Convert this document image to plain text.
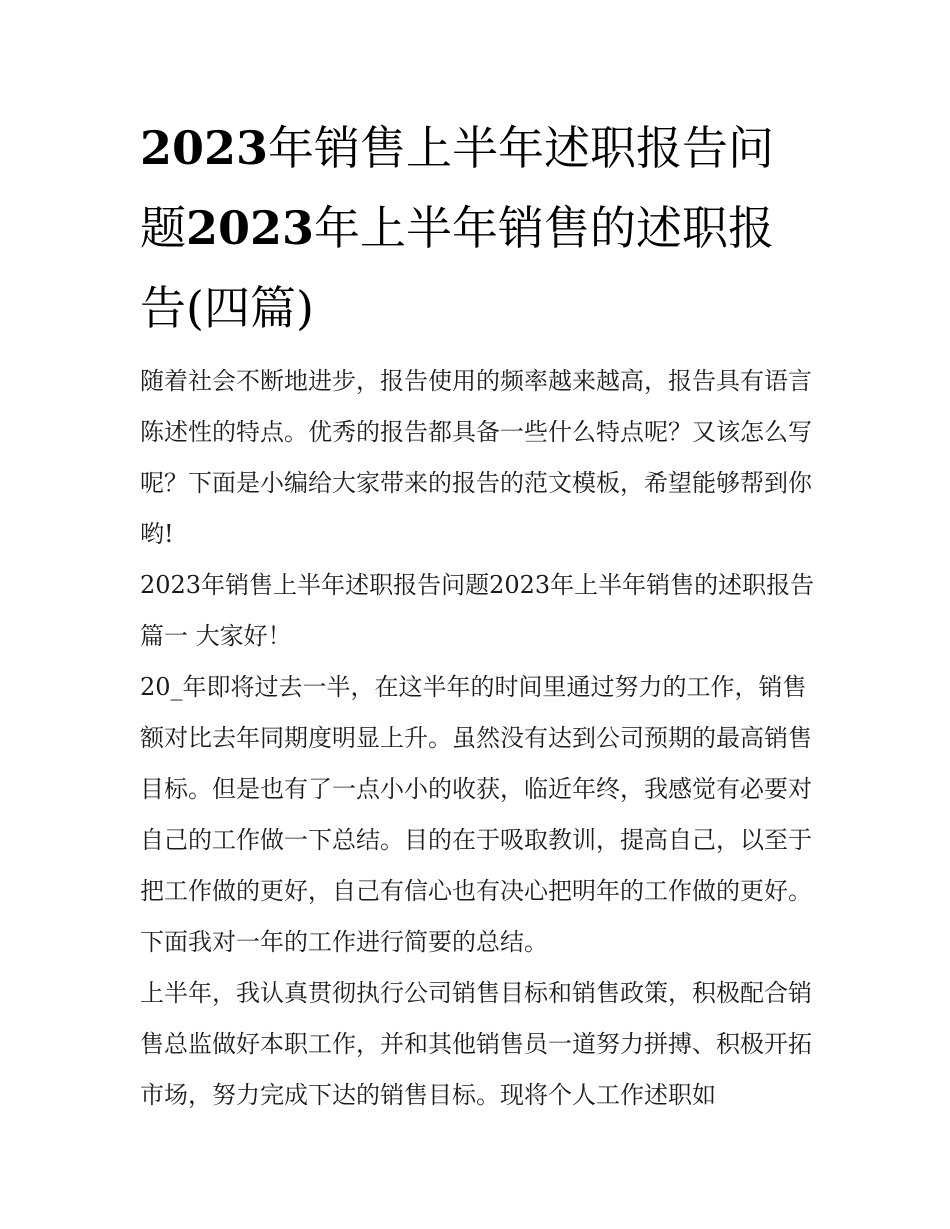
2023年销售上半年述职报告问题2023年上半年销售的述职报告(四篇)

随着社会不断地进步，报告使用的频率越来越高，报告具有语言陈述性的特点。优秀的报告都具备一些什么特点呢？又该怎么写呢？下面是小编给大家带来的报告的范文模板，希望能够帮到你哟!

2023年销售上半年述职报告问题2023年上半年销售的述职报告篇一 大家好！

20_年即将过去一半，在这半年的时间里通过努力的工作，销售额对比去年同期度明显上升。虽然没有达到公司预期的最高销售目标。但是也有了一点小小的收获，临近年终，我感觉有必要对自己的工作做一下总结。目的在于吸取教训，提高自己，以至于把工作做的更好，自己有信心也有决心把明年的工作做的更好。下面我对一年的工作进行简要的总结。

上半年，我认真贯彻执行公司销售目标和销售政策，积极配合销售总监做好本职工作，并和其他销售员一道努力拼搏、积极开拓市场，努力完成下达的销售目标。现将个人工作述职如
